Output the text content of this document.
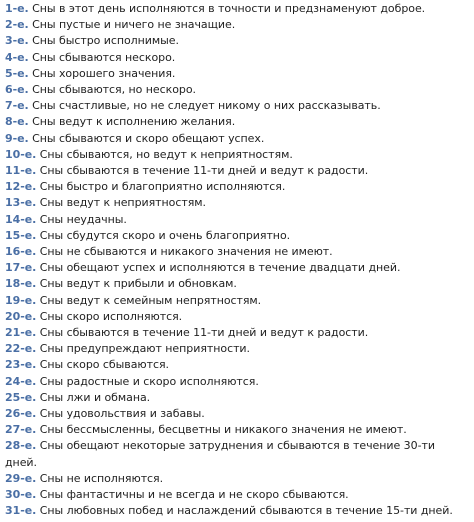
1-е. Сны в этот день исполняются в точности и предзнаменуют доброе.
2-е. Сны пустые и ничего не значащие.
3-е. Сны быстро исполнимые.
4-е. Сны сбываются нескоро.
5-е. Сны хорошего значения.
6-е. Сны сбываются, но нескоро.
7-е. Сны счастливые, но не следует никому о них рассказывать.
8-е. Сны ведут к исполнению желания.
9-е. Сны сбываются и скоро обещают успех.
10-е. Сны сбываются, но ведут к неприятностям.
11-е. Сны сбываются в течение 11-ти дней и ведут к радости.
12-е. Сны быстро и благоприятно исполняются.
13-е. Сны ведут к неприятностям.
14-е. Сны неудачны.
15-е. Сны сбудутся скоро и очень благоприятно.
16-е. Сны не сбываются и никакого значения не имеют.
17-е. Сны обещают успех и исполняются в течение двадцати дней.
18-е. Сны ведут к прибыли и обновкам.
19-е. Сны ведут к семейным непрятностям.
20-е. Сны скоро исполняются.
21-е. Сны сбываются в течение 11-ти дней и ведут к радости.
22-е. Сны предупреждают неприятности.
23-е. Сны скоро сбываются.
24-е. Сны радостные и скоро исполняются.
25-е. Сны лжи и обмана.
26-е. Сны удовольствия и забавы.
27-е. Сны бессмысленны, бесцветны и никакого значения не имеют.
28-е. Сны обещают некоторые затруднения и сбываются в течение 30-ти дней.
29-е. Сны не исполняются.
30-е. Сны фантастичны и не всегда и не скоро сбываются.
31-е. Сны любовных побед и наслаждений сбываются в течение 15-ти дней.
